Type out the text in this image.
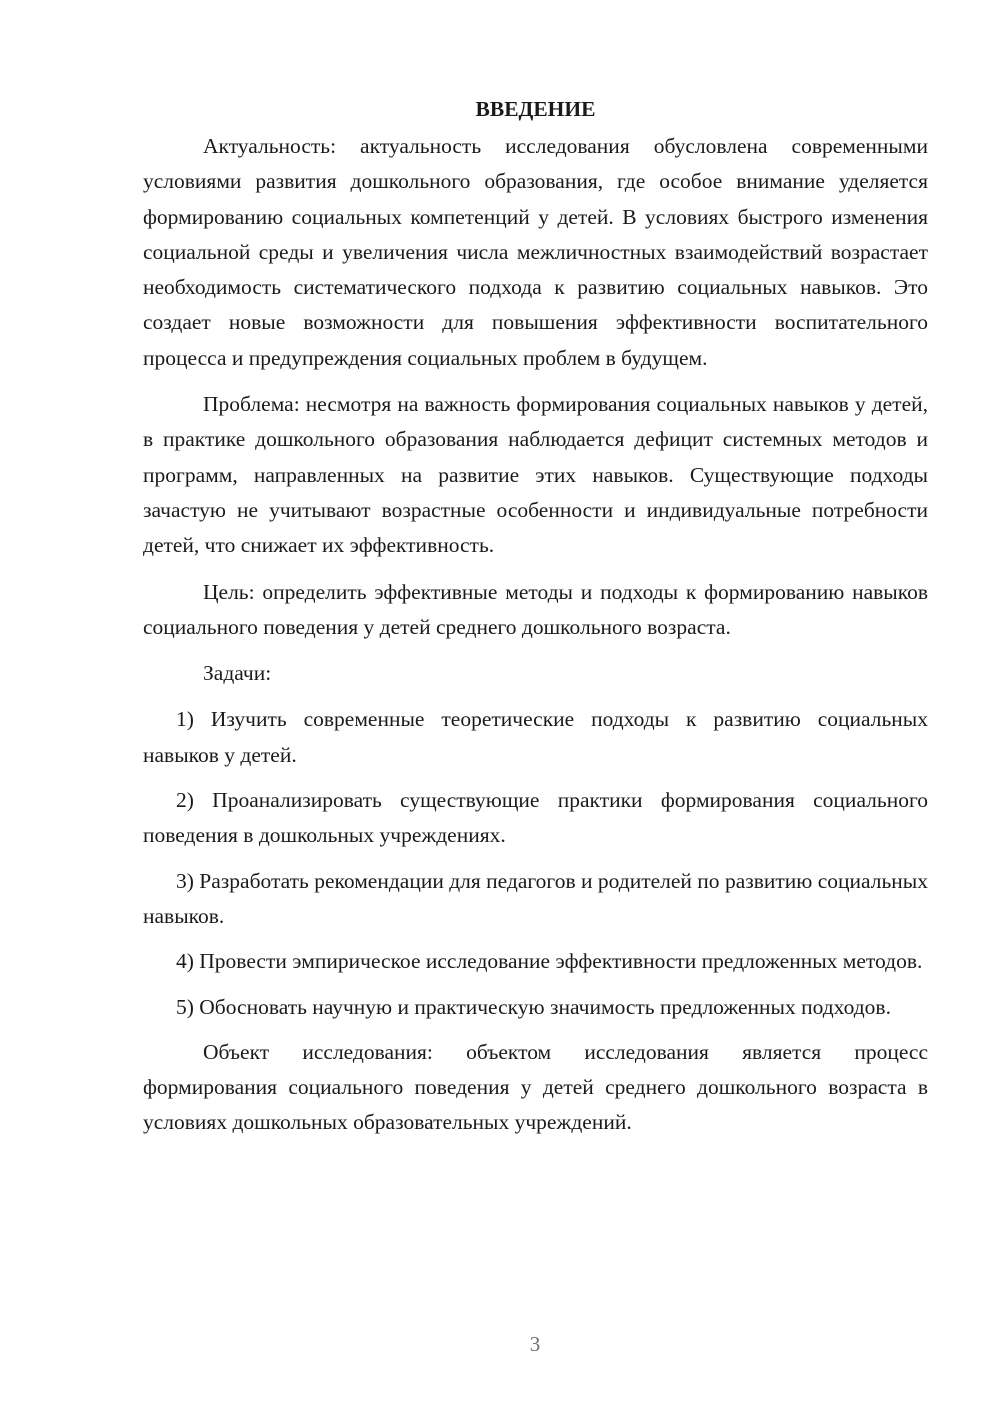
ВВЕДЕНИЕ

Актуальность: актуальность исследования обусловлена современными условиями развития дошкольного образования, где особое внимание уделяется формированию социальных компетенций у детей. В условиях быстрого изменения социальной среды и увеличения числа межличностных взаимодействий возрастает необходимость систематического подхода к развитию социальных навыков. Это создает новые возможности для повышения эффективности воспитательного процесса и предупреждения социальных проблем в будущем.

Проблема: несмотря на важность формирования социальных навыков у детей, в практике дошкольного образования наблюдается дефицит системных методов и программ, направленных на развитие этих навыков. Существующие подходы зачастую не учитывают возрастные особенности и индивидуальные потребности детей, что снижает их эффективность.

Цель: определить эффективные методы и подходы к формированию навыков социального поведения у детей среднего дошкольного возраста.

Задачи:

1) Изучить современные теоретические подходы к развитию социальных навыков у детей.

2) Проанализировать существующие практики формирования социального поведения в дошкольных учреждениях.

3) Разработать рекомендации для педагогов и родителей по развитию социальных навыков.

4) Провести эмпирическое исследование эффективности предложенных методов.

5) Обосновать научную и практическую значимость предложенных подходов.

Объект исследования: объектом исследования является процесс формирования социального поведения у детей среднего дошкольного возраста в условиях дошкольных образовательных учреждений.

3
